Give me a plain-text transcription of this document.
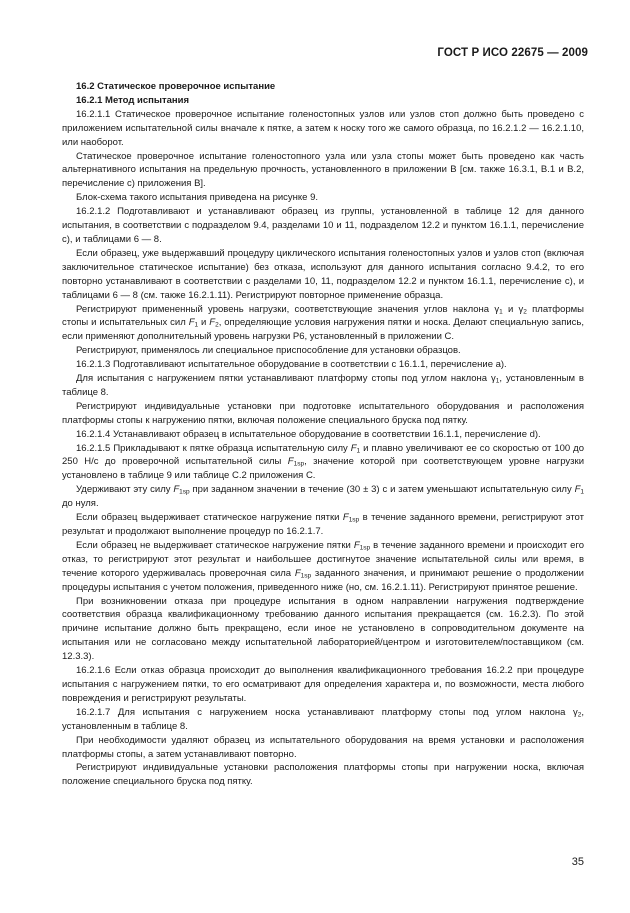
ГОСТ Р ИСО 22675 — 2009
16.2 Статическое проверочное испытание
16.2.1 Метод испытания
16.2.1.1 Статическое проверочное испытание голеностопных узлов или узлов стоп должно быть проведено с приложением испытательной силы вначале к пятке, а затем к носку того же самого образца, по 16.2.1.2 — 16.2.1.10, или наоборот.
Статическое проверочное испытание голеностопного узла или узла стопы может быть проведено как часть альтернативного испытания на предельную прочность, установленного в приложении В [см. также 16.3.1, В.1 и В.2, перечисление с) приложения В].
Блок-схема такого испытания приведена на рисунке 9.
16.2.1.2 Подготавливают и устанавливают образец из группы, установленной в таблице 12 для данного испытания, в соответствии с подразделом 9.4, разделами 10 и 11, подразделом 12.2 и пунктом 16.1.1, перечисление с), и таблицами 6 — 8.
Если образец, уже выдержавший процедуру циклического испытания голеностопных узлов и узлов стоп (включая заключительное статическое испытание) без отказа, используют для данного испытания согласно 9.4.2, то его повторно устанавливают в соответствии с разделами 10, 11, подразделом 12.2 и пунктом 16.1.1, перечисление с), и таблицами 6 — 8 (см. также 16.2.1.11). Регистрируют повторное применение образца.
Регистрируют примененный уровень нагрузки, соответствующие значения углов наклона $\gamma_1$ и $\gamma_2$ платформы стопы и испытательных сил $F_1$ и $F_2$, определяющие условия нагружения пятки и носка. Делают специальную запись, если применяют дополнительный уровень нагрузки Р6, установленный в приложении С.
Регистрируют, применялось ли специальное приспособление для установки образцов.
16.2.1.3 Подготавливают испытательное оборудование в соответствии с 16.1.1, перечисление а).
Для испытания с нагружением пятки устанавливают платформу стопы под углом наклона $\gamma_1$, установленным в таблице 8.
Регистрируют индивидуальные установки при подготовке испытательного оборудования и расположения платформы стопы к нагружению пятки, включая положение специального бруска под пятку.
16.2.1.4 Устанавливают образец в испытательное оборудование в соответствии 16.1.1, перечисление d).
16.2.1.5 Прикладывают к пятке образца испытательную силу $F_1$ и плавно увеличивают ее со скоростью от 100 до 250 Н/с до проверочной испытательной силы $F_{1sp}$, значение которой при соответствующем уровне нагрузки установлено в таблице 9 или таблице С.2 приложения С.
Удерживают эту силу $F_{1sp}$ при заданном значении в течение (30 ± 3) с и затем уменьшают испытательную силу $F_1$ до нуля.
Если образец выдерживает статическое нагружение пятки $F_{1sp}$ в течение заданного времени, регистрируют этот результат и продолжают выполнение процедур по 16.2.1.7.
Если образец не выдерживает статическое нагружение пятки $F_{1sp}$ в течение заданного времени и происходит его отказ, то регистрируют этот результат и наибольшее достигнутое значение испытательной силы или время, в течение которого удерживалась проверочная сила $F_{1sp}$ заданного значения, и принимают решение о продолжении процедуры испытания с учетом положения, приведенного ниже (но, см. 16.2.1.11). Регистрируют принятое решение.
При возникновении отказа при процедуре испытания в одном направлении нагружения подтверждение соответствия образца квалификационному требованию данного испытания прекращается (см. 16.2.3). По этой причине испытание должно быть прекращено, если иное не установлено в сопроводительном документе на испытания или не согласовано между испытательной лабораторией/центром и изготовителем/поставщиком (см. 12.3.3).
16.2.1.6 Если отказ образца происходит до выполнения квалификационного требования 16.2.2 при процедуре испытания с нагружением пятки, то его осматривают для определения характера и, по возможности, места любого повреждения и регистрируют результаты.
16.2.1.7 Для испытания с нагружением носка устанавливают платформу стопы под углом наклона $\gamma_2$, установленным в таблице 8.
При необходимости удаляют образец из испытательного оборудования на время установки и расположения платформы стопы, а затем устанавливают повторно.
Регистрируют индивидуальные установки расположения платформы стопы при нагружении носка, включая положение специального бруска под пятку.
35
